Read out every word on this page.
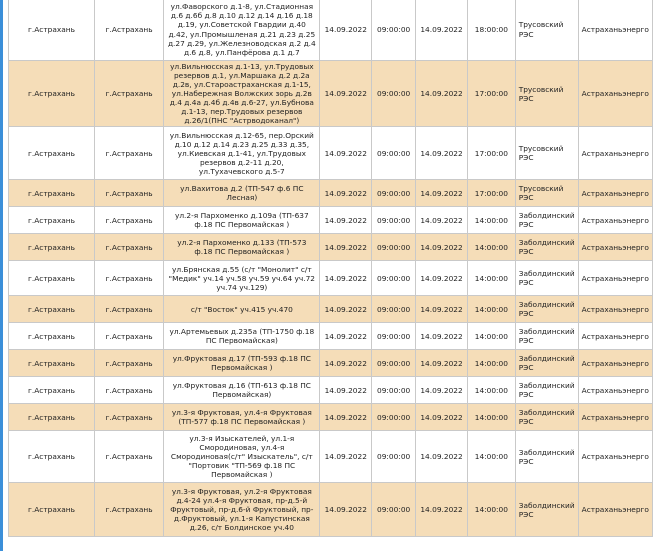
г.Астрахань	г.Астрахань	ул.Фаворского д.1-8, ул.Стадионная д.6 д.6б д.8 д.10 д.12 д.14 д.16 д.18 д.19, ул.Советской Гвардии д.40 д.42, ул.Промышленая д.21 д.23 д.25 д.27 д.29, ул.Железноводская д.2 д.4 д.6 д.8, ул.Панфёрова д.1 д.7	14.09.2022	09:00:00	14.09.2022	18:00:00	Трусовский РЭС	Астраханьэнерго
г.Астрахань	г.Астрахань	ул.Вильнюсская д.1-13, ул.Трудовых резервов д.1, ул.Маршака д.2 д.2а д.2в, ул.Староастраханская д.1-15, ул.Набережная Волжских зорь д.2в д.4 д.4а д.4б д.4в д.6-27, ул.Бубнова д.1-13, пер.Трудовых резервов д.26/1(ПНС "Астрводоканал")	14.09.2022	09:00:00	14.09.2022	17:00:00	Трусовский РЭС	Астраханьэнерго
г.Астрахань	г.Астрахань	ул.Вильнюсская д.12-65, пер.Орский д.10 д.12 д.14 д.23 д.25 д.33 д.35, ул.Киевская д.1-41, ул.Трудовых резервов д.2-11 д.20, ул.Тухачевского д.5-7	14.09.2022	09:00:00	14.09.2022	17:00:00	Трусовский РЭС	Астраханьэнерго
г.Астрахань	г.Астрахань	ул.Вахитова д.2 (ТП-547 ф.6 ПС Лесная)	14.09.2022	09:00:00	14.09.2022	17:00:00	Трусовский РЭС	Астраханьэнерго
г.Астрахань	г.Астрахань	ул.2-я Пархоменко д.109а (ТП-637 ф.18 ПС Первомайская )	14.09.2022	09:00:00	14.09.2022	14:00:00	Заболдинский РЭС	Астраханьэнерго
г.Астрахань	г.Астрахань	ул.2-я Пархоменко д.133 (ТП-573 ф.18 ПС Первомайская )	14.09.2022	09:00:00	14.09.2022	14:00:00	Заболдинский РЭС	Астраханьэнерго
г.Астрахань	г.Астрахань	ул.Брянская д.55 (с/т "Монолит" с/т "Медик" уч.14 уч.58 уч.59 уч.64 уч.72 уч.74 уч.129)	14.09.2022	09:00:00	14.09.2022	14:00:00	Заболдинский РЭС	Астраханьэнерго
г.Астрахань	г.Астрахань	с/т "Восток" уч.415 уч.470	14.09.2022	09:00:00	14.09.2022	14:00:00	Заболдинский РЭС	Астраханьэнерго
г.Астрахань	г.Астрахань	ул.Артемьевых д.235а (ТП-1750 ф.18 ПС Первомайская)	14.09.2022	09:00:00	14.09.2022	14:00:00	Заболдинский РЭС	Астраханьэнерго
г.Астрахань	г.Астрахань	ул.Фруктовая д.17 (ТП-593 ф.18 ПС Первомайская )	14.09.2022	09:00:00	14.09.2022	14:00:00	Заболдинский РЭС	Астраханьэнерго
г.Астрахань	г.Астрахань	ул.Фруктовая д.16 (ТП-613 ф.18 ПС Первомайская)	14.09.2022	09:00:00	14.09.2022	14:00:00	Заболдинский РЭС	Астраханьэнерго
г.Астрахань	г.Астрахань	ул.3-я Фруктовая, ул.4-я Фруктовая (ТП-577 ф.18 ПС Первомайская )	14.09.2022	09:00:00	14.09.2022	14:00:00	Заболдинский РЭС	Астраханьэнерго
г.Астрахань	г.Астрахань	ул.3-я Изыскателей, ул.1-я Смородиновая, ул.4-я Смородиновая(с/т" Изыскатель", с/т "Портовик "ТП-569 ф.18 ПС Первомайская )	14.09.2022	09:00:00	14.09.2022	14:00:00	Заболдинский РЭС	Астраханьэнерго
г.Астрахань	г.Астрахань	ул.3-я Фруктовая, ул.2-я Фруктовая д.4-24 ул.4-я Фруктовая, пр-д.5-й Фруктовый, пр-д.6-й Фруктовый, пр-д.Фруктовый, ул.1-я Капустинская д.26, с/т Болдинское уч.40	14.09.2022	09:00:00	14.09.2022	14:00:00	Заболдинский РЭС	Астраханьэнерго
